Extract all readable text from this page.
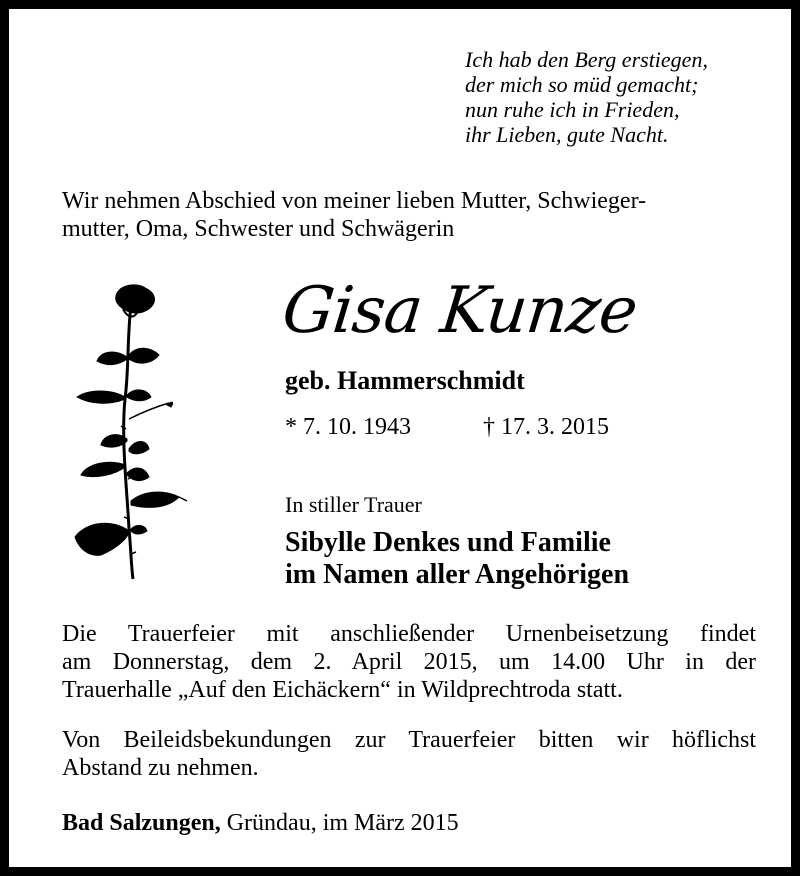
Ich hab den Berg erstiegen,
der mich so müd gemacht;
nun ruhe ich in Frieden,
ihr Lieben, gute Nacht.
Wir nehmen Abschied von meiner lieben Mutter, Schwieger-
mutter, Oma, Schwester und Schwägerin
Gisa Kunze
geb. Hammerschmidt
* 7. 10. 1943	† 17. 3. 2015
In stiller Trauer
Sibylle Denkes und Familie
im Namen aller Angehörigen
Die Trauerfeier mit anschließender Urnenbeisetzung findet
am Donnerstag, dem 2. April 2015, um 14.00 Uhr in der
Trauerhalle „Auf den Eichäckern“ in Wildprechtroda statt.
Von Beileidsbekundungen zur Trauerfeier bitten wir höflichst
Abstand zu nehmen.
Bad Salzungen, Gründau, im März 2015
